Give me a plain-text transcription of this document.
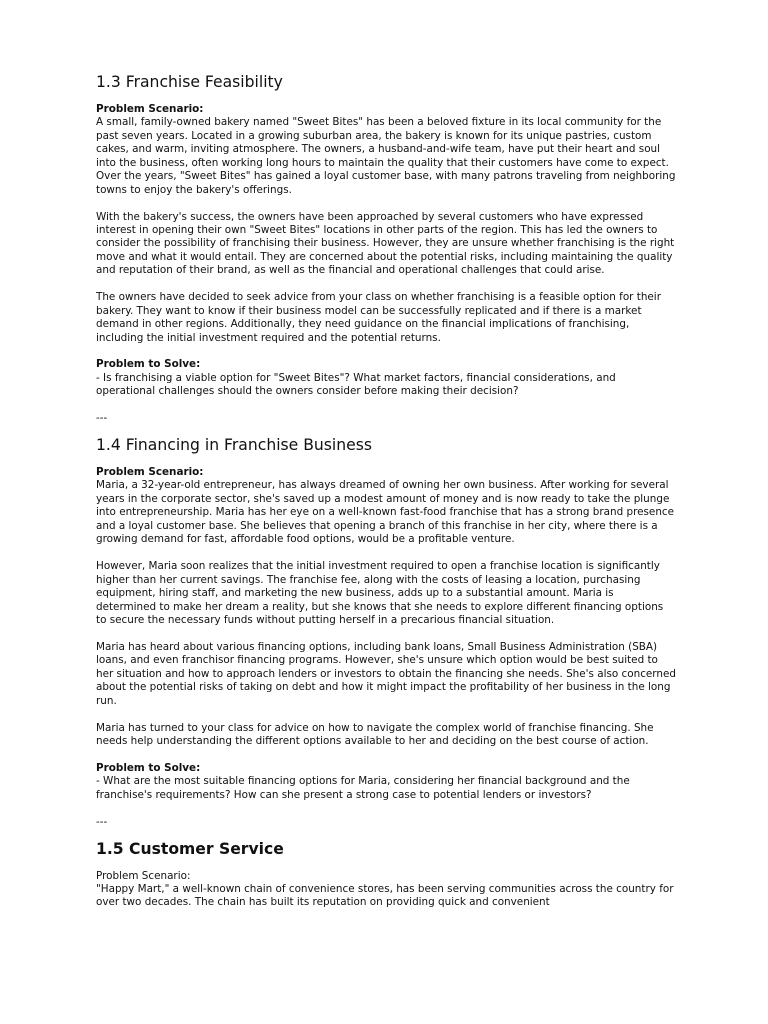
1.3 Franchise Feasibility
Problem Scenario:

A small, family-owned bakery named "Sweet Bites" has been a beloved fixture in its local community for the past seven years. Located in a growing suburban area, the bakery is known for its unique pastries, custom cakes, and warm, inviting atmosphere. The owners, a husband-and-wife team, have put their heart and soul into the business, often working long hours to maintain the quality that their customers have come to expect. Over the years, "Sweet Bites" has gained a loyal customer base, with many patrons traveling from neighboring towns to enjoy the bakery's offerings.

With the bakery's success, the owners have been approached by several customers who have expressed interest in opening their own "Sweet Bites" locations in other parts of the region. This has led the owners to consider the possibility of franchising their business. However, they are unsure whether franchising is the right move and what it would entail. They are concerned about the potential risks, including maintaining the quality and reputation of their brand, as well as the financial and operational challenges that could arise.

The owners have decided to seek advice from your class on whether franchising is a feasible option for their bakery. They want to know if their business model can be successfully replicated and if there is a market demand in other regions. Additionally, they need guidance on the financial implications of franchising, including the initial investment required and the potential returns.

Problem to Solve:

- Is franchising a viable option for "Sweet Bites"? What market factors, financial considerations, and operational challenges should the owners consider before making their decision?

---

1.4 Financing in Franchise Business
Problem Scenario:

Maria, a 32-year-old entrepreneur, has always dreamed of owning her own business. After working for several years in the corporate sector, she's saved up a modest amount of money and is now ready to take the plunge into entrepreneurship. Maria has her eye on a well-known fast-food franchise that has a strong brand presence and a loyal customer base. She believes that opening a branch of this franchise in her city, where there is a growing demand for fast, affordable food options, would be a profitable venture.

However, Maria soon realizes that the initial investment required to open a franchise location is significantly higher than her current savings. The franchise fee, along with the costs of leasing a location, purchasing equipment, hiring staff, and marketing the new business, adds up to a substantial amount. Maria is determined to make her dream a reality, but she knows that she needs to explore different financing options to secure the necessary funds without putting herself in a precarious financial situation.

Maria has heard about various financing options, including bank loans, Small Business Administration (SBA) loans, and even franchisor financing programs. However, she's unsure which option would be best suited to her situation and how to approach lenders or investors to obtain the financing she needs. She's also concerned about the potential risks of taking on debt and how it might impact the profitability of her business in the long run.

Maria has turned to your class for advice on how to navigate the complex world of franchise financing. She needs help understanding the different options available to her and deciding on the best course of action.

Problem to Solve:

- What are the most suitable financing options for Maria, considering her financial background and the franchise's requirements? How can she present a strong case to potential lenders or investors?

---

1.5 Customer Service

Problem Scenario:

"Happy Mart," a well-known chain of convenience stores, has been serving communities across the country for over two decades. The chain has built its reputation on providing quick and convenient
